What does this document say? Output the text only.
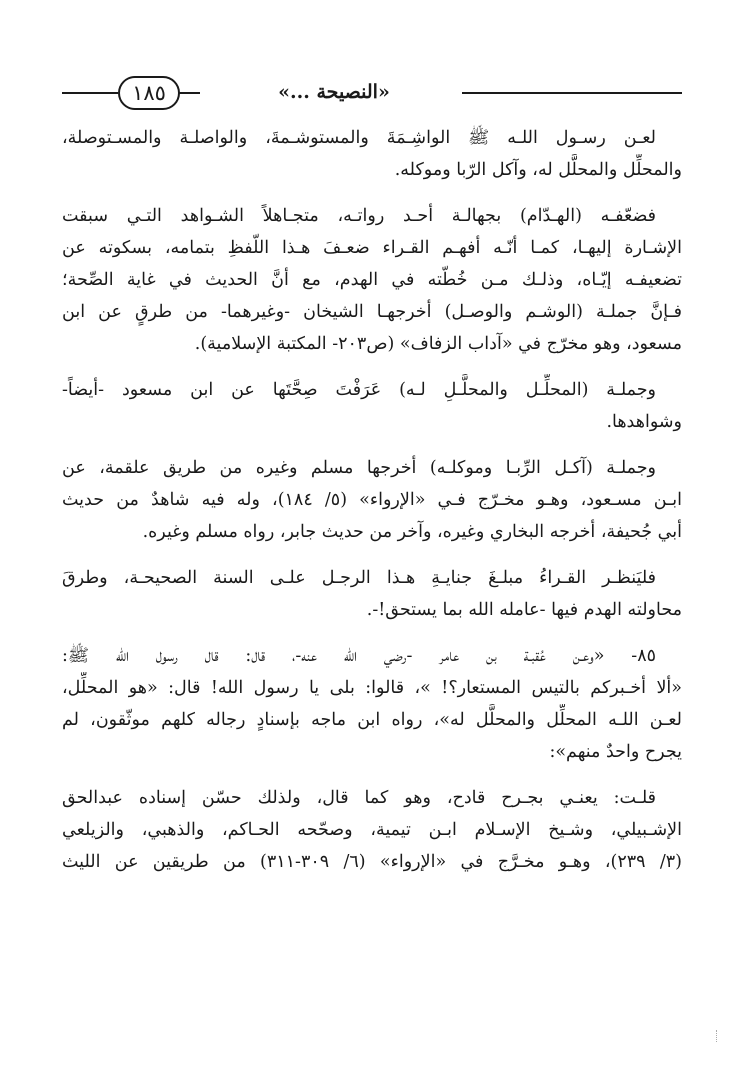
١٨٥	«النصيحة ...»
لعـن رسـول اللـه ﷺ الواشِـمَةَ والمستوشـمةَ، والواصلـة والمسـتوصلة،
والمحلِّل والمحلَّل له، وآكل الرّبا وموكله.
فضعّفـه (الهـدّام) بجهالـة أحـد رواتـه، متجـاهلاً الشـواهد التـي سبقت
الإشـارة إليهـا، كمـا أنّـه أفهـم القـراء ضعـفَ هـذا اللّفظِ بتمامه، بسكوته عن
تضعيفـه إيّـاه، وذلـك مـن خُطّته في الهدم، مع أنَّ الحديث في غاية الصِّحة؛
فـإنَّ جملـة (الوشـم والوصـل) أخرجهـا الشيخان -وغيرهما- من طرقٍ عن ابن
مسعود، وهو مخرّج في «آداب الزفاف» (ص٢٠٣- المكتبة الإسلامية).
وجملـة (المحلِّـل والمحلَّـلِ لـه) عَرَفْتَ صِحَّتَها عن ابن مسعود -أيضاً-
وشواهدها.
وجملـة (آكـل الرِّبـا وموكلـه) أخرجها مسلم وغيره من طريق علقمة، عن
ابـن مسـعود، وهـو مخـرّج فـي «الإرواء» (٥/ ١٨٤)، وله فيه شاهدٌ من حديث
أبي جُحيفة، أخرجه البخاري وغيره، وآخر من حديث جابر، رواه مسلم وغيره.
فليَنظـر القـراءُ مبلـغَ جنايـةِ هـذا الرجـل علـى السنة الصحيحـة، وطرقَ
محاولته الهدم فيها -عامله الله بما يستحق!-.
٨٥- «وعـن عُقبـة بن عامر -رضي الله عنه-، قال: قال رسول الله ﷺ:
«ألا أخـبركم بالتيس المستعار؟! »، قالوا: بلى يا رسول الله! قال: «هو المحلِّل،
لعـن اللـه المحلِّل والمحلَّل له»، رواه ابن ماجه بإسنادٍ رجاله كلهم موثّقون، لم
يجرح واحدٌ منهم»:
قلـت: يعنـي بجـرح قادح، وهو كما قال، ولذلك حسّن إسناده عبدالحق
الإشـبيلي، وشـيخ الإسـلام ابـن تيمية، وصحّحه الحـاكم، والذهبي، والزيلعي
(٣/ ٢٣٩)، وهـو مخـرَّج في «الإرواء» (٦/ ٣٠٩-٣١١) من طريقين عن الليث
